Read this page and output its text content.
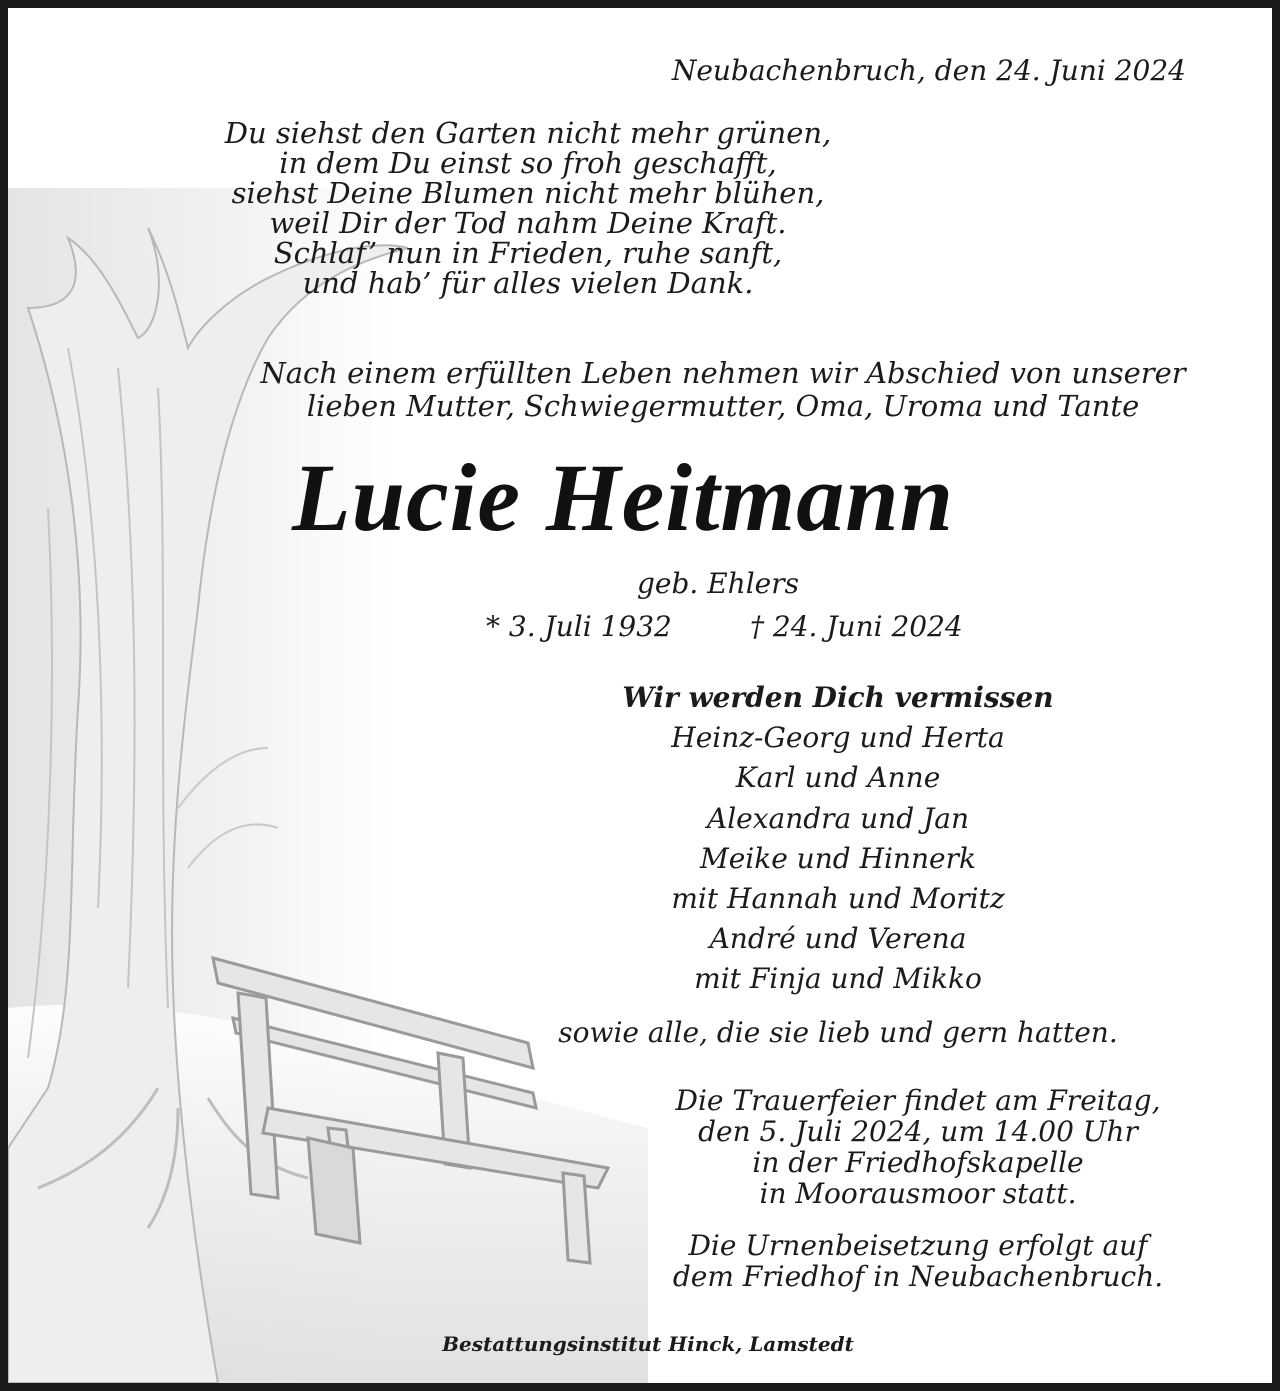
Neubachenbruch, den 24. Juni 2024
Du siehst den Garten nicht mehr grünen,
in dem Du einst so froh geschafft,
siehst Deine Blumen nicht mehr blühen,
weil Dir der Tod nahm Deine Kraft.
Schlaf’ nun in Frieden, ruhe sanft,
und hab’ für alles vielen Dank.
Nach einem erfüllten Leben nehmen wir Abschied von unserer
lieben Mutter, Schwiegermutter, Oma, Uroma und Tante
Lucie Heitmann
geb. Ehlers
* 3. Juli 1932	† 24. Juni 2024
Wir werden Dich vermissen
Heinz-Georg und Herta
Karl und Anne
Alexandra und Jan
Meike und Hinnerk
mit Hannah und Moritz
André und Verena
mit Finja und Mikko
sowie alle, die sie lieb und gern hatten.
Die Trauerfeier findet am Freitag,
den 5. Juli 2024, um 14.00 Uhr
in der Friedhofskapelle
in Moorausmoor statt.
Die Urnenbeisetzung erfolgt auf
dem Friedhof in Neubachenbruch.
Bestattungsinstitut Hinck, Lamstedt
